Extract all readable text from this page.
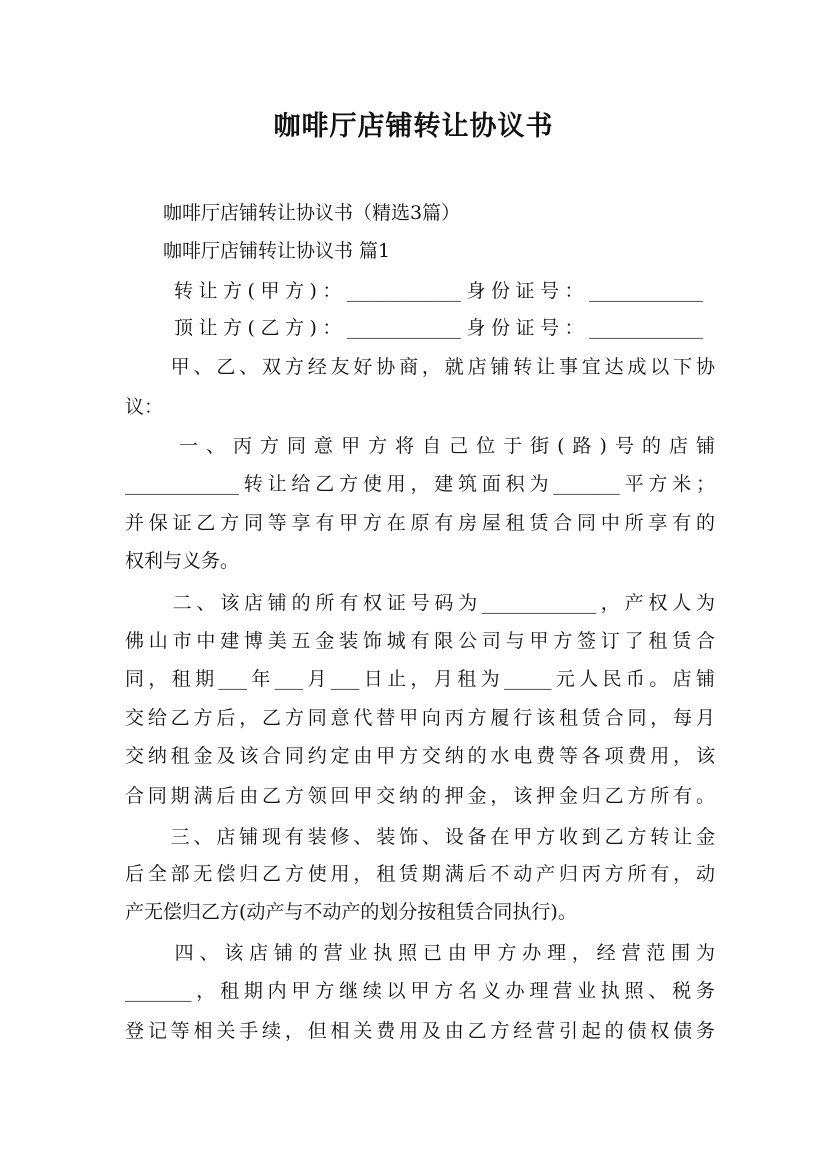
咖啡厅店铺转让协议书
　　咖啡厅店铺转让协议书（精选3篇）
　　咖啡厅店铺转让协议书 篇1
　　转让方(甲方)：____________身份证号：____________
　　顶让方(乙方)：____________身份证号：____________
　　甲、乙、双方经友好协商，就店铺转让事宜达成以下协
议：
　　一、丙方同意甲方将自己位于街(路)号的店铺
____________转让给乙方使用，建筑面积为_______平方米；
并保证乙方同等享有甲方在原有房屋租赁合同中所享有的
权利与义务。
　　二、该店铺的所有权证号码为____________，产权人为
佛山市中建博美五金装饰城有限公司与甲方签订了租赁合
同，租期___年___月___日止，月租为_____元人民币。店铺
交给乙方后，乙方同意代替甲向丙方履行该租赁合同，每月
交纳租金及该合同约定由甲方交纳的水电费等各项费用，该
合同期满后由乙方领回甲交纳的押金，该押金归乙方所有。
　　三、店铺现有装修、装饰、设备在甲方收到乙方转让金
后全部无偿归乙方使用，租赁期满后不动产归丙方所有，动
产无偿归乙方(动产与不动产的划分按租赁合同执行)。
　　四、该店铺的营业执照已由甲方办理，经营范围为
_______，租期内甲方继续以甲方名义办理营业执照、税务
登记等相关手续，但相关费用及由乙方经营引起的债权债务
